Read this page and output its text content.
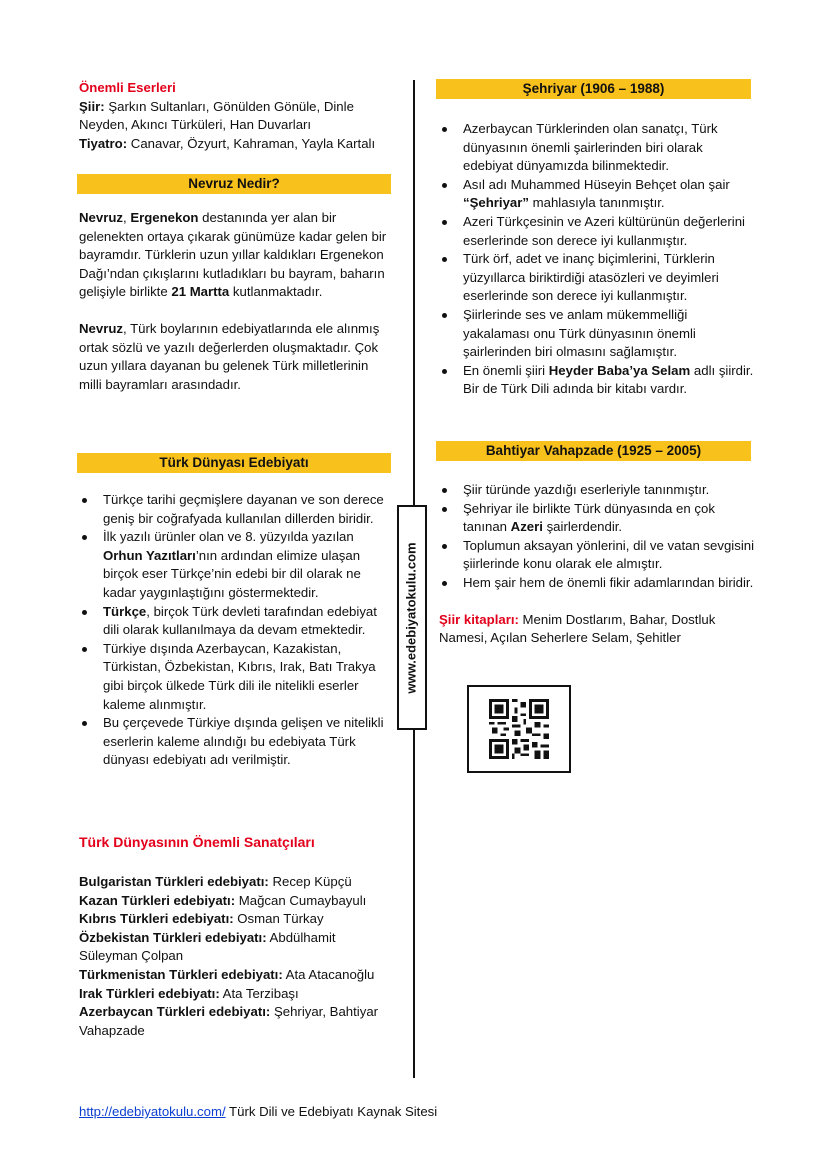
Önemli Eserleri

Şiir: Şarkın Sultanları, Gönülden Gönüle, Dinle Neyden, Akıncı Türküleri, Han Duvarları

Tiyatro: Canavar, Özyurt, Kahraman, Yayla Kartalı

Nevruz Nedir?

Nevruz, Ergenekon destanında yer alan bir gelenekten ortaya çıkarak günümüze kadar gelen bir bayramdır. Türklerin uzun yıllar kaldıkları Ergenekon Dağı’ndan çıkışlarını kutladıkları bu bayram, baharın gelişiyle birlikte 21 Martta kutlanmaktadır.

Nevruz, Türk boylarının edebiyatlarında ele alınmış ortak sözlü ve yazılı değerlerden oluşmaktadır. Çok uzun yıllara dayanan bu gelenek Türk milletlerinin milli bayramları arasındadır.

Türk Dünyası Edebiyatı
Türkçe tarihi geçmişlere dayanan ve son derece geniş bir coğrafyada kullanılan dillerden biridir.
İlk yazılı ürünler olan ve 8. yüzyılda yazılan Orhun Yazıtları’nın ardından elimize ulaşan birçok eser Türkçe’nin edebi bir dil olarak ne kadar yaygınlaştığını göstermektedir.
Türkçe, birçok Türk devleti tarafından edebiyat dili olarak kullanılmaya da devam etmektedir.
Türkiye dışında Azerbaycan, Kazakistan, Türkistan, Özbekistan, Kıbrıs, Irak, Batı Trakya gibi birçok ülkede Türk dili ile nitelikli eserler kaleme alınmıştır.
Bu çerçevede Türkiye dışında gelişen ve nitelikli eserlerin kaleme alındığı bu edebiyata Türk dünyası edebiyatı adı verilmiştir.

Türk Dünyasının Önemli Sanatçıları

Bulgaristan Türkleri edebiyatı: Recep Küpçü

Kazan Türkleri edebiyatı: Mağcan Cumaybayulı

Kıbrıs Türkleri edebiyatı: Osman Türkay

Özbekistan Türkleri edebiyatı: Abdülhamit Süleyman Çolpan

Türkmenistan Türkleri edebiyatı: Ata Atacanoğlu

Irak Türkleri edebiyatı: Ata Terzibaşı

Azerbaycan Türkleri edebiyatı: Şehriyar, Bahtiyar Vahapzade

www.edebiyatokulu.com
Şehriyar (1906 – 1988)
Azerbaycan Türklerinden olan sanatçı, Türk dünyasının önemli şairlerinden biri olarak edebiyat dünyamızda bilinmektedir.
Asıl adı Muhammed Hüseyin Behçet olan şair “Şehriyar” mahlasıyla tanınmıştır.
Azeri Türkçesinin ve Azeri kültürünün değerlerini eserlerinde son derece iyi kullanmıştır.
Türk örf, adet ve inanç biçimlerini, Türklerin yüzyıllarca biriktirdiği atasözleri ve deyimleri eserlerinde son derece iyi kullanmıştır.
Şiirlerinde ses ve anlam mükemmelliği yakalaması onu Türk dünyasının önemli şairlerinden biri olmasını sağlamıştır.
En önemli şiiri Heyder Baba’ya Selam adlı şiirdir. Bir de Türk Dili adında bir kitabı vardır.
Bahtiyar Vahapzade (1925 – 2005)
Şiir türünde yazdığı eserleriyle tanınmıştır.
Şehriyar ile birlikte Türk dünyasında en çok tanınan Azeri şairlerdendir.
Toplumun aksayan yönlerini, dil ve vatan sevgisini şiirlerinde konu olarak ele almıştır.
Hem şair hem de önemli fikir adamlarından biridir.

Şiir kitapları: Menim Dostlarım, Bahar, Dostluk Namesi, Açılan Seherlere Selam, Şehitler

http://edebiyatokulu.com/ Türk Dili ve Edebiyatı Kaynak Sitesi
